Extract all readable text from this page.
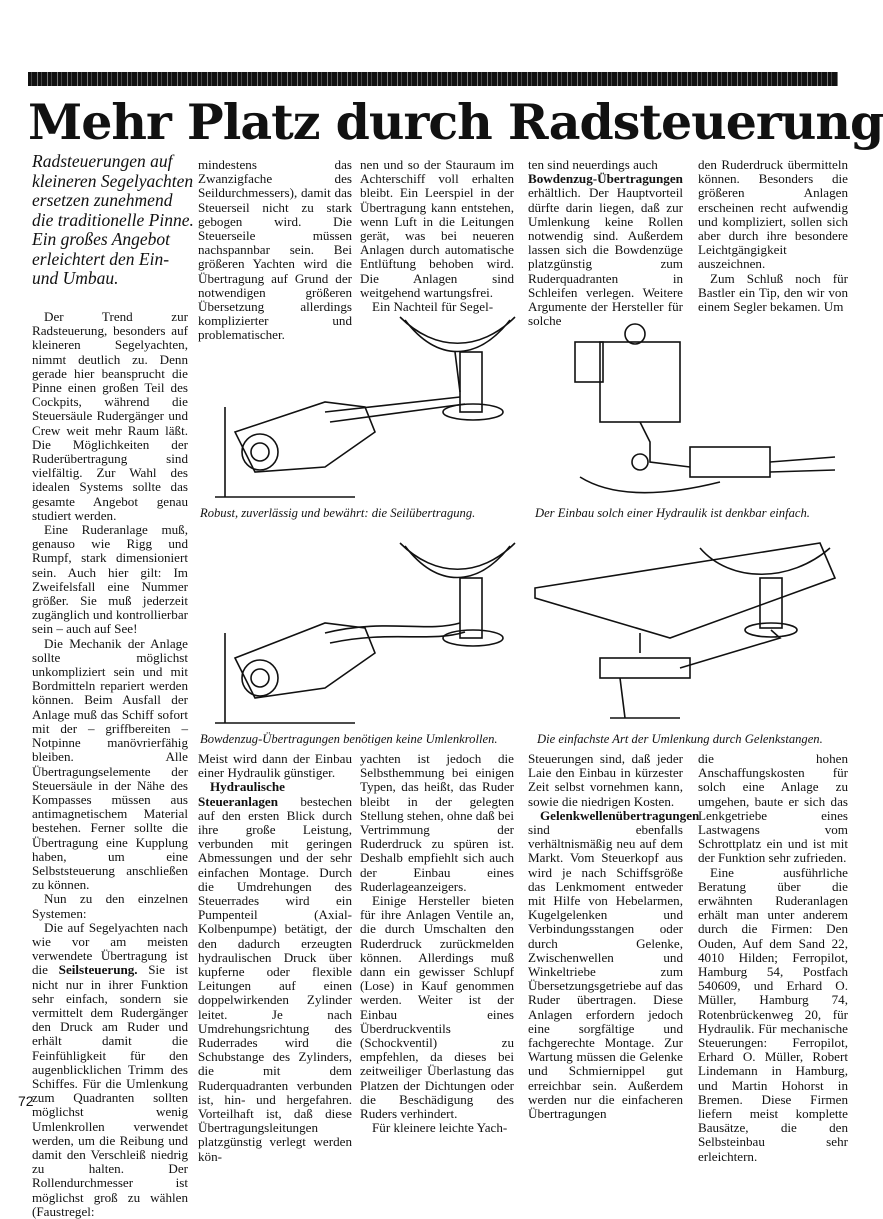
Mehr Platz durch Radsteuerung
Radsteuerungen auf kleineren Segelyachten ersetzen zunehmend die traditionelle Pinne. Ein großes Angebot erleichtert den Ein- und Umbau.

mindestens das Zwanzigfache des Seildurchmessers), damit das Steuerseil nicht zu stark gebogen wird. Die Steuerseile müssen nachspannbar sein. Bei größeren Yachten wird die Übertragung auf Grund der notwendigen größeren Übersetzung allerdings komplizierter und problematischer.

nen und so der Stauraum im Achterschiff voll erhalten bleibt. Ein Leerspiel in der Übertragung kann entstehen, wenn Luft in die Leitungen gerät, was bei neueren Anlagen durch automatische Entlüftung behoben wird. Die Anlagen sind weitgehend wartungsfrei.

Ein Nachteil für Segel-

ten sind neuerdings auch

Bowdenzug-Übertragungen

erhältlich. Der Hauptvorteil dürfte darin liegen, daß zur Umlenkung keine Rollen notwendig sind. Außerdem lassen sich die Bowdenzüge platzgünstig zum Ruderquadranten in Schleifen verlegen. Weitere Argumente der Hersteller für solche

den Ruderdruck übermitteln können. Besonders die größeren Anlagen erscheinen recht aufwendig und kompliziert, sollen sich aber durch ihre besondere Leichtgängigkeit auszeichnen.

Zum Schluß noch für Bastler ein Tip, den wir von einem Segler bekamen. Um

Der Trend zur Radsteuerung, besonders auf kleineren Segelyachten, nimmt deutlich zu. Denn gerade hier beansprucht die Pinne einen großen Teil des Cockpits, während die Steuersäule Rudergänger und Crew weit mehr Raum läßt. Die Möglichkeiten der Ruderübertragung sind vielfältig. Zur Wahl des idealen Systems sollte das gesamte Angebot genau studiert werden.

Eine Ruderanlage muß, genauso wie Rigg und Rumpf, stark dimensioniert sein. Auch hier gilt: Im Zweifelsfall eine Nummer größer. Sie muß jederzeit zugänglich und kontrollierbar sein – auch auf See!

Die Mechanik der Anlage sollte möglichst unkompliziert sein und mit Bordmitteln repariert werden können. Beim Ausfall der Anlage muß das Schiff sofort mit der – griffbereiten – Notpinne manövrierfähig bleiben. Alle Übertragungselemente der Steuersäule in der Nähe des Kompasses müssen aus antimagnetischem Material bestehen. Ferner sollte die Übertragung eine Kupplung haben, um eine Selbststeuerung anschließen zu können.

Nun zu den einzelnen Systemen:

Die auf Segelyachten nach wie vor am meisten verwendete Übertragung ist die Seilsteuerung. Sie ist nicht nur in ihrer Funktion sehr einfach, sondern sie vermittelt dem Rudergänger den Druck am Ruder und erhält damit die Feinfühligkeit für den augenblicklichen Trimm des Schiffes. Für die Umlenkung zum Quadranten sollten möglichst wenig Umlenkrollen verwendet werden, um die Reibung und damit den Verschleiß niedrig zu halten. Der Rollendurchmesser ist möglichst groß zu wählen (Faustregel:

Robust, zuverlässig und bewährt: die Seilübertragung.	Der Einbau solch einer Hydraulik ist denkbar einfach.
Bowdenzug-Übertragungen benötigen keine Umlenkrollen.	Die einfachste Art der Umlenkung durch Gelenkstangen.

Meist wird dann der Einbau einer Hydraulik günstiger.

Hydraulische Steueranlagen bestechen auf den ersten Blick durch ihre große Leistung, verbunden mit geringen Abmessungen und der sehr einfachen Montage. Durch die Umdrehungen des Steuerrades wird ein Pumpenteil (Axial-Kolbenpumpe) betätigt, der den dadurch erzeugten hydraulischen Druck über kupferne oder flexible Leitungen auf einen doppelwirkenden Zylinder leitet. Je nach Umdrehungsrichtung des Ruderrades wird die Schubstange des Zylinders, die mit dem Ruderquadranten verbunden ist, hin- und hergefahren. Vorteilhaft ist, daß diese Übertragungsleitungen platzgünstig verlegt werden kön-

yachten ist jedoch die Selbsthemmung bei einigen Typen, das heißt, das Ruder bleibt in der gelegten Stellung stehen, ohne daß bei Vertrimmung der Ruderdruck zu spüren ist. Deshalb empfiehlt sich auch der Einbau eines Ruderlageanzeigers.

Einige Hersteller bieten für ihre Anlagen Ventile an, die durch Umschalten den Ruderdruck zurückmelden können. Allerdings muß dann ein gewisser Schlupf (Lose) in Kauf genommen werden. Weiter ist der Einbau eines Überdruckventils (Schockventil) zu empfehlen, da dieses bei zeitweiliger Überlastung das Platzen der Dichtungen oder die Beschädigung des Ruders verhindert.

Für kleinere leichte Yach-

Steuerungen sind, daß jeder Laie den Einbau in kürzester Zeit selbst vornehmen kann, sowie die niedrigen Kosten.

Gelenkwellenübertragungen sind ebenfalls verhältnismäßig neu auf dem Markt. Vom Steuerkopf aus wird je nach Schiffsgröße das Lenkmoment entweder mit Hilfe von Hebelarmen, Kugelgelenken und Verbindungsstangen oder durch Gelenke, Zwischenwellen und Winkeltriebe zum Übersetzungsgetriebe auf das Ruder übertragen. Diese Anlagen erfordern jedoch eine sorgfältige und fachgerechte Montage. Zur Wartung müssen die Gelenke und Schmiernippel gut erreichbar sein. Außerdem werden nur die einfacheren Übertragungen

die hohen Anschaffungskosten für solch eine Anlage zu umgehen, baute er sich das Lenkgetriebe eines Lastwagens vom Schrottplatz ein und ist mit der Funktion sehr zufrieden.

Eine ausführliche Beratung über die erwähnten Ruderanlagen erhält man unter anderem durch die Firmen: Den Ouden, Auf dem Sand 22, 4010 Hilden; Ferropilot, Hamburg 54, Postfach 540609, und Erhard O. Müller, Hamburg 74, Rotenbrückenweg 20, für Hydraulik. Für mechanische Steuerungen: Ferropilot, Erhard O. Müller, Robert Lindemann in Hamburg, und Martin Hohorst in Bremen. Diese Firmen liefern meist komplette Bausätze, die den Selbsteinbau sehr erleichtern.

72
